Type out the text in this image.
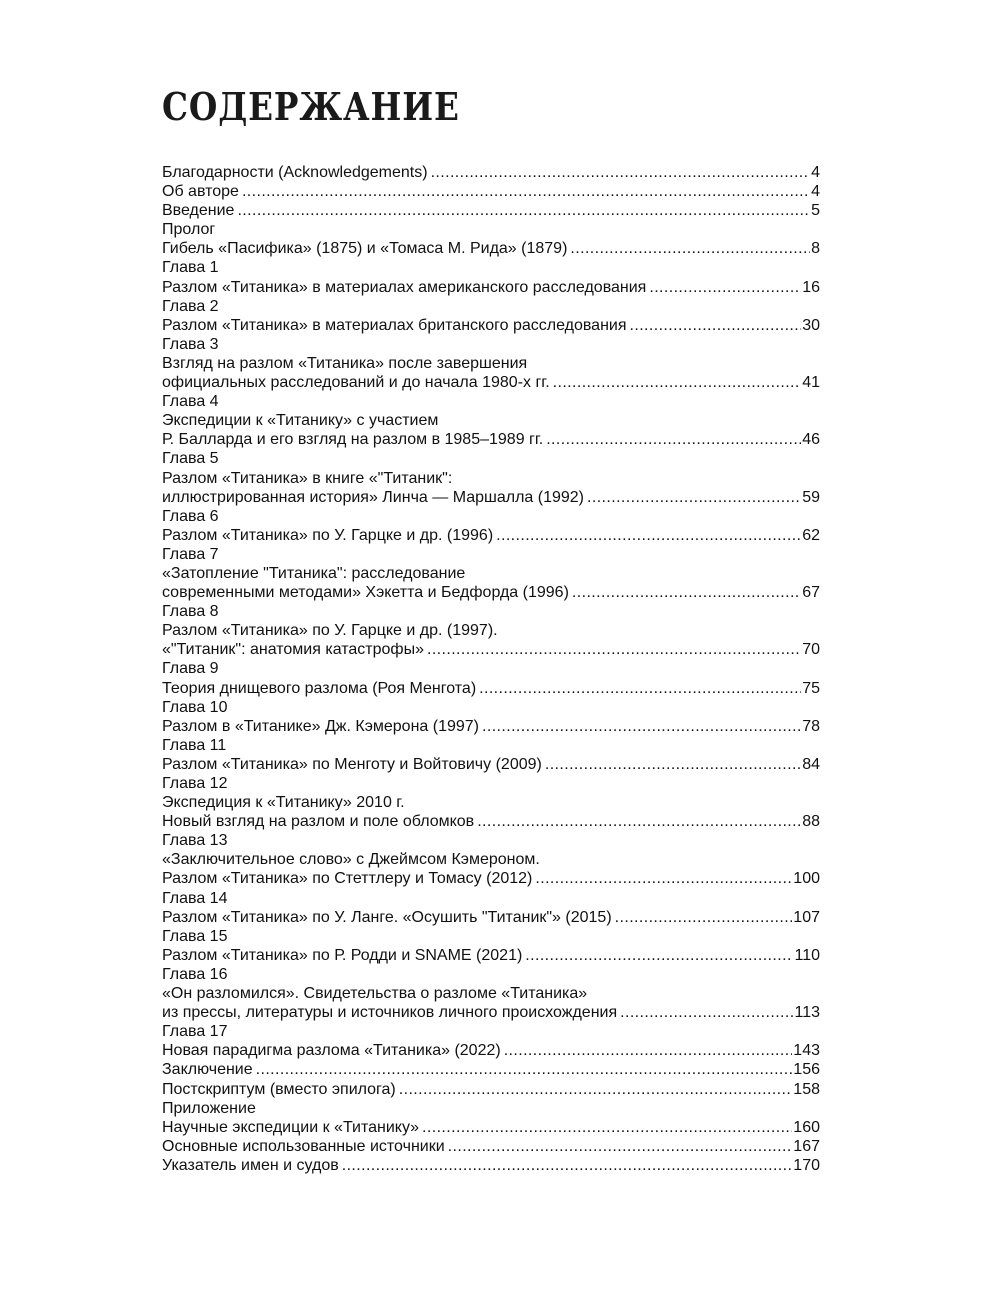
СОДЕРЖАНИЕ
Благодарности (Acknowledgements) .....	4
Об авторе .....	4
Введение .....	5
Пролог
Гибель «Пасифика» (1875) и «Томаса М. Рида» (1879) .....	8
Глава 1
Разлом «Титаника» в материалах американского расследования .....	16
Глава 2
Разлом «Титаника» в материалах британского расследования .....	30
Глава 3
Взгляд на разлом «Титаника» после завершения
официальных расследований и до начала 1980-х гг. .....	41
Глава 4
Экспедиции к «Титанику» с участием
Р. Балларда и его взгляд на разлом в 1985–1989 гг. .....	46
Глава 5
Разлом «Титаника» в книге «"Титаник":
иллюстрированная история» Линча — Маршалла (1992) .....	59
Глава 6
Разлом «Титаника» по У. Гарцке и др. (1996) .....	62
Глава 7
«Затопление "Титаника": расследование
современными методами» Хэкетта и Бедфорда (1996) .....	67
Глава 8
Разлом «Титаника» по У. Гарцке и др. (1997).
«"Титаник": анатомия катастрофы» .....	70
Глава 9
Теория днищевого разлома (Роя Менгота) .....	75
Глава 10
Разлом в «Титанике» Дж. Кэмерона (1997) .....	78
Глава 11
Разлом «Титаника» по Менготу и Войтовичу (2009) .....	84
Глава 12
Экспедиция к «Титанику» 2010 г.
Новый взгляд на разлом и поле обломков .....	88
Глава 13
«Заключительное слово» с Джеймсом Кэмероном.
Разлом «Титаника» по Стеттлеру и Томасу (2012) .....	100
Глава 14
Разлом «Титаника» по У. Ланге. «Осушить "Титаник"» (2015) .....	107
Глава 15
Разлом «Титаника» по Р. Родди и SNAME (2021) .....	110
Глава 16
«Он разломился». Свидетельства о разломе «Титаника»
из прессы, литературы и источников личного происхождения .....	113
Глава 17
Новая парадигма разлома «Титаника» (2022) .....	143
Заключение .....	156
Постскриптум (вместо эпилога) .....	158
Приложение
Научные экспедиции к «Титанику» .....	160
Основные использованные источники .....	167
Указатель имен и судов .....	170
